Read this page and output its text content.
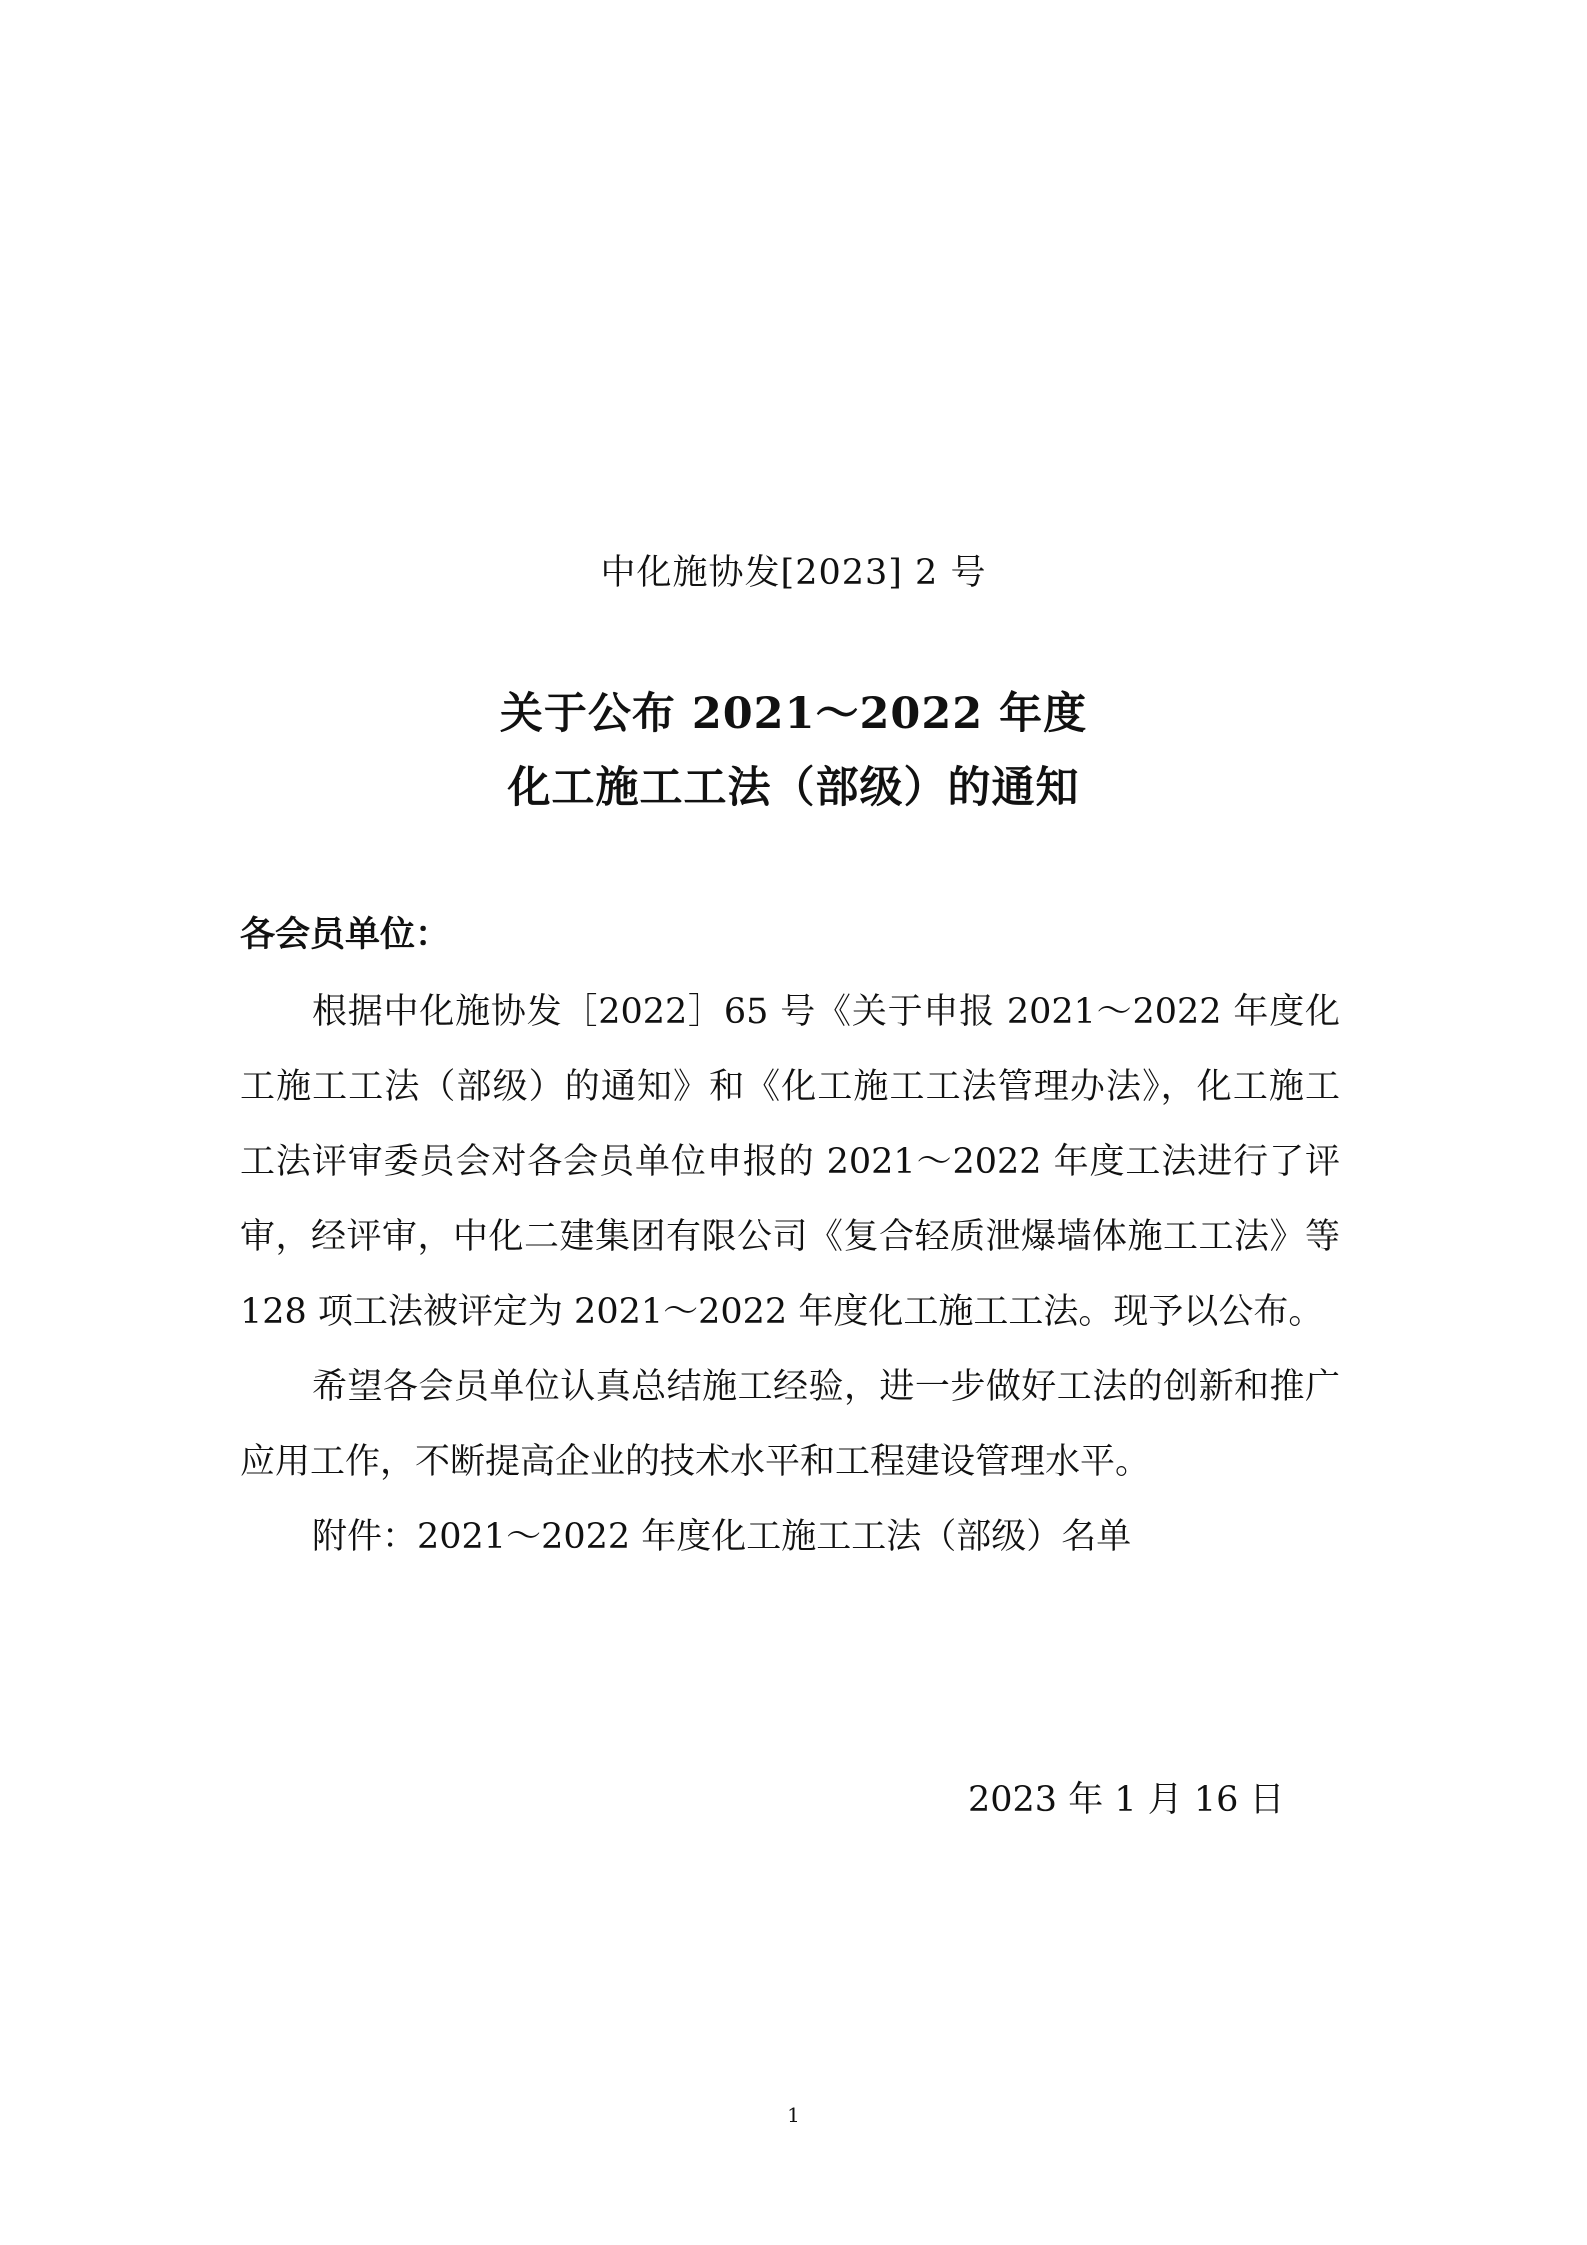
中化施协发[2023] 2 号
关于公布 2021～2022 年度
化工施工工法（部级）的通知
各会员单位：

根据中化施协发［2022］65 号《关于申报 2021～2022 年度化工施工工法（部级）的通知》和《化工施工工法管理办法》，化工施工工法评审委员会对各会员单位申报的 2021～2022 年度工法进行了评审，经评审，中化二建集团有限公司《复合轻质泄爆墙体施工工法》等 128 项工法被评定为 2021～2022 年度化工施工工法。现予以公布。

希望各会员单位认真总结施工经验，进一步做好工法的创新和推广应用工作，不断提高企业的技术水平和工程建设管理水平。

附件：2021～2022 年度化工施工工法（部级）名单

2023 年 1 月 16 日
1
